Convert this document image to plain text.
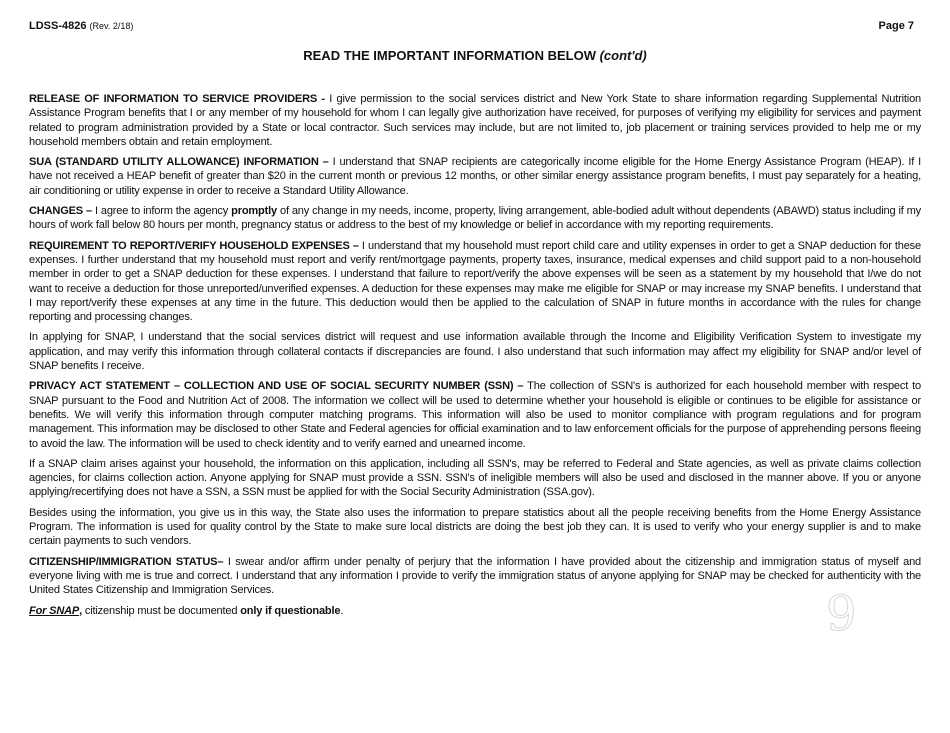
LDSS-4826 (Rev. 2/18)	Page 7
READ THE IMPORTANT INFORMATION BELOW (cont'd)

RELEASE OF INFORMATION TO SERVICE PROVIDERS - I give permission to the social services district and New York State to share information regarding Supplemental Nutrition Assistance Program benefits that I or any member of my household for whom I can legally give authorization have received, for purposes of verifying my eligibility for services and payment related to program administration provided by a State or local contractor. Such services may include, but are not limited to, job placement or training services provided to help me or my household members obtain and retain employment.

SUA (STANDARD UTILITY ALLOWANCE) INFORMATION – I understand that SNAP recipients are categorically income eligible for the Home Energy Assistance Program (HEAP). If I have not received a HEAP benefit of greater than $20 in the current month or previous 12 months, or other similar energy assistance program benefits, I must pay separately for a heating, air conditioning or utility expense in order to receive a Standard Utility Allowance.

CHANGES – I agree to inform the agency promptly of any change in my needs, income, property, living arrangement, able-bodied adult without dependents (ABAWD) status including if my hours of work fall below 80 hours per month, pregnancy status or address to the best of my knowledge or belief in accordance with my reporting requirements.

REQUIREMENT TO REPORT/VERIFY HOUSEHOLD EXPENSES – I understand that my household must report child care and utility expenses in order to get a SNAP deduction for these expenses. I further understand that my household must report and verify rent/mortgage payments, property taxes, insurance, medical expenses and child support paid to a non-household member in order to get a SNAP deduction for these expenses. I understand that failure to report/verify the above expenses will be seen as a statement by my household that I/we do not want to receive a deduction for those unreported/unverified expenses. A deduction for these expenses may make me eligible for SNAP or may increase my SNAP benefits. I understand that I may report/verify these expenses at any time in the future. This deduction would then be applied to the calculation of SNAP in future months in accordance with the rules for change reporting and processing changes.

In applying for SNAP, I understand that the social services district will request and use information available through the Income and Eligibility Verification System to investigate my application, and may verify this information through collateral contacts if discrepancies are found. I also understand that such information may affect my eligibility for SNAP and/or level of SNAP benefits I receive.

PRIVACY ACT STATEMENT – COLLECTION AND USE OF SOCIAL SECURITY NUMBER (SSN) – The collection of SSN's is authorized for each household member with respect to SNAP pursuant to the Food and Nutrition Act of 2008. The information we collect will be used to determine whether your household is eligible or continues to be eligible for assistance or benefits. We will verify this information through computer matching programs. This information will also be used to monitor compliance with program regulations and for program management. This information may be disclosed to other State and Federal agencies for official examination and to law enforcement officials for the purpose of apprehending persons fleeing to avoid the law. The information will be used to check identity and to verify earned and unearned income.

If a SNAP claim arises against your household, the information on this application, including all SSN's, may be referred to Federal and State agencies, as well as private claims collection agencies, for claims collection action. Anyone applying for SNAP must provide a SSN. SSN's of ineligible members will also be used and disclosed in the manner above. If you or anyone applying/recertifying does not have a SSN, a SSN must be applied for with the Social Security Administration (SSA.gov).

Besides using the information, you give us in this way, the State also uses the information to prepare statistics about all the people receiving benefits from the Home Energy Assistance Program. The information is used for quality control by the State to make sure local districts are doing the best job they can. It is used to verify who your energy supplier is and to make certain payments to such vendors.

CITIZENSHIP/IMMIGRATION STATUS– I swear and/or affirm under penalty of perjury that the information I have provided about the citizenship and immigration status of myself and everyone living with me is true and correct. I understand that any information I provide to verify the immigration status of anyone applying for SNAP may be checked for authenticity with the United States Citizenship and Immigration Services.

For SNAP, citizenship must be documented only if questionable.	9
